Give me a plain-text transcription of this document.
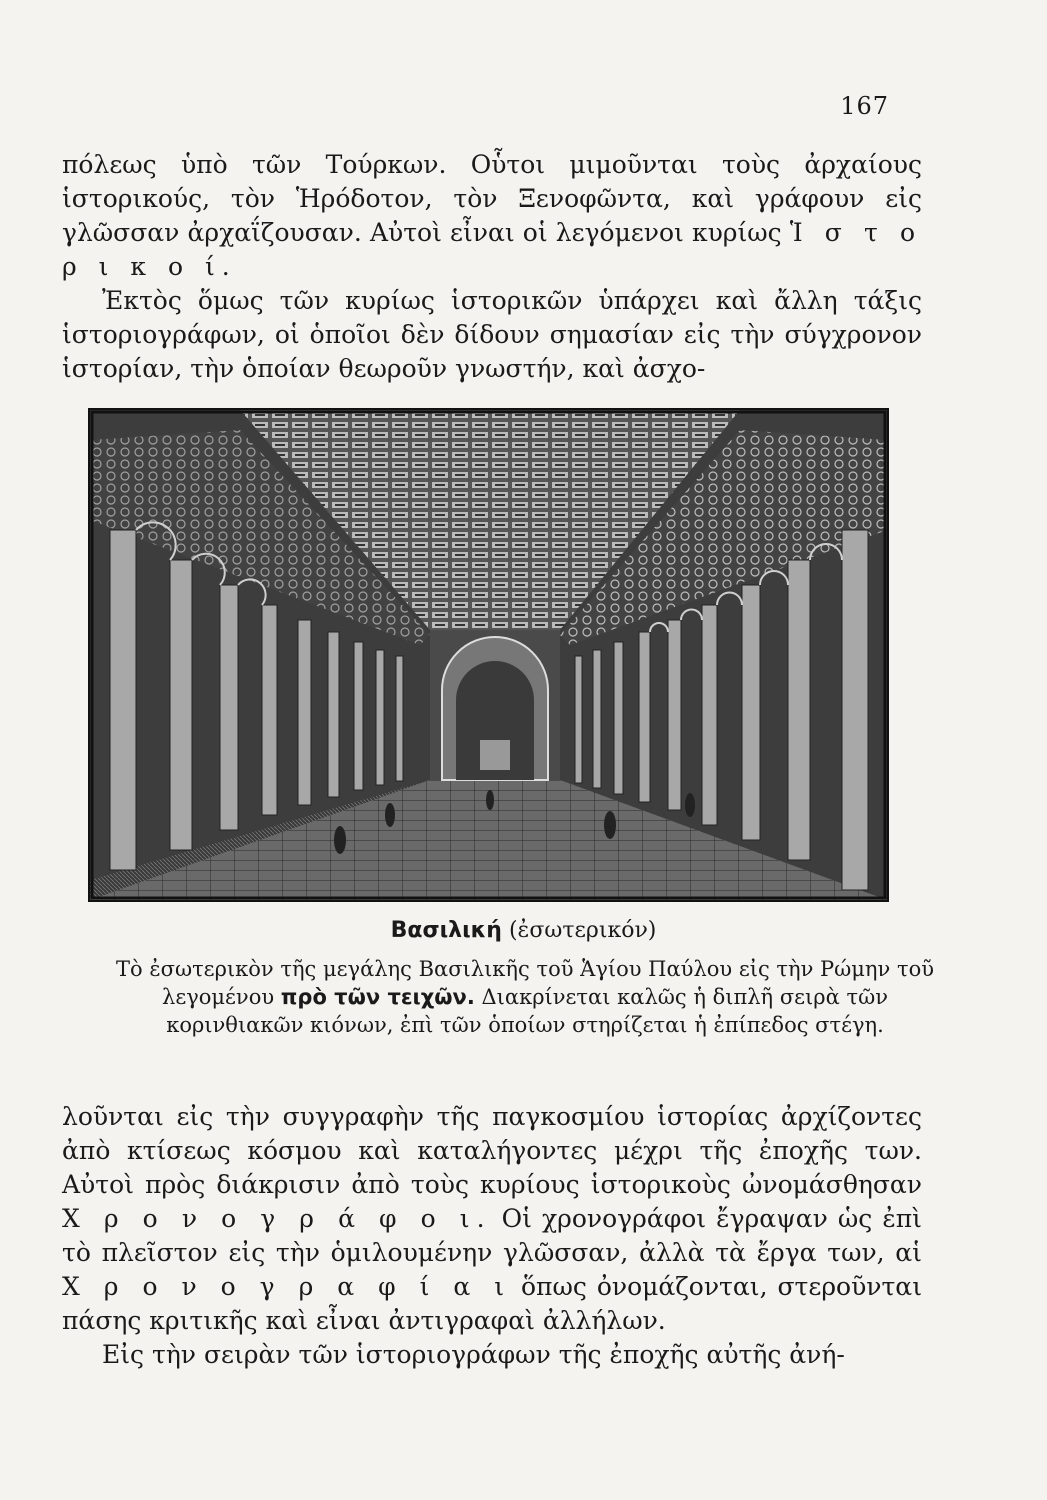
167

πόλεως ὑπὸ τῶν Τούρκων. Οὗτοι μιμοῦνται τοὺς ἀρχαίους ἱστορικούς, τὸν Ἡρόδοτον, τὸν Ξενοφῶντα, καὶ γράφουν εἰς γλῶσσαν ἀρχαΐζουσαν. Αὐτοὶ εἶναι οἱ λεγόμενοι κυρίως Ἱ σ τ ο ρ ι κ ο ί.

Ἐκτὸς ὅμως τῶν κυρίως ἱστορικῶν ὑπάρχει καὶ ἄλλη τάξις ἱστοριογράφων, οἱ ὁποῖοι δὲν δίδουν σημασίαν εἰς τὴν σύγχρονον ἱστορίαν, τὴν ὁποίαν θεωροῦν γνωστήν, καὶ ἀσχο-

Βασιλική (ἐσωτερικόν)
Τὸ ἐσωτερικὸν τῆς μεγάλης Βασιλικῆς τοῦ Ἁγίου Παύλου εἰς τὴν Ρώμην τοῦ λεγομένου πρὸ τῶν τειχῶν. Διακρίνεται καλῶς ἡ διπλῆ σειρὰ τῶν κορινθιακῶν κιόνων, ἐπὶ τῶν ὁποίων στηρίζεται ἡ ἐπίπεδος στέγη.

λοῦνται εἰς τὴν συγγραφὴν τῆς παγκοσμίου ἱστορίας ἀρχίζοντες ἀπὸ κτίσεως κόσμου καὶ καταλήγοντες μέχρι τῆς ἐποχῆς των. Αὐτοὶ πρὸς διάκρισιν ἀπὸ τοὺς κυρίους ἱστορικοὺς ὠνομάσθησαν Χ ρ ο ν ο γ ρ ά φ ο ι. Οἱ χρονογράφοι ἔγραψαν ὡς ἐπὶ τὸ πλεῖστον εἰς τὴν ὁμιλουμένην γλῶσσαν, ἀλλὰ τὰ ἔργα των, αἱ Χ ρ ο ν ο γ ρ α φ ί α ι ὅπως ὀνομάζονται, στεροῦνται πάσης κριτικῆς καὶ εἶναι ἀντιγραφαὶ ἀλλήλων.

Εἰς τὴν σειρὰν τῶν ἱστοριογράφων τῆς ἐποχῆς αὐτῆς ἀνή-
